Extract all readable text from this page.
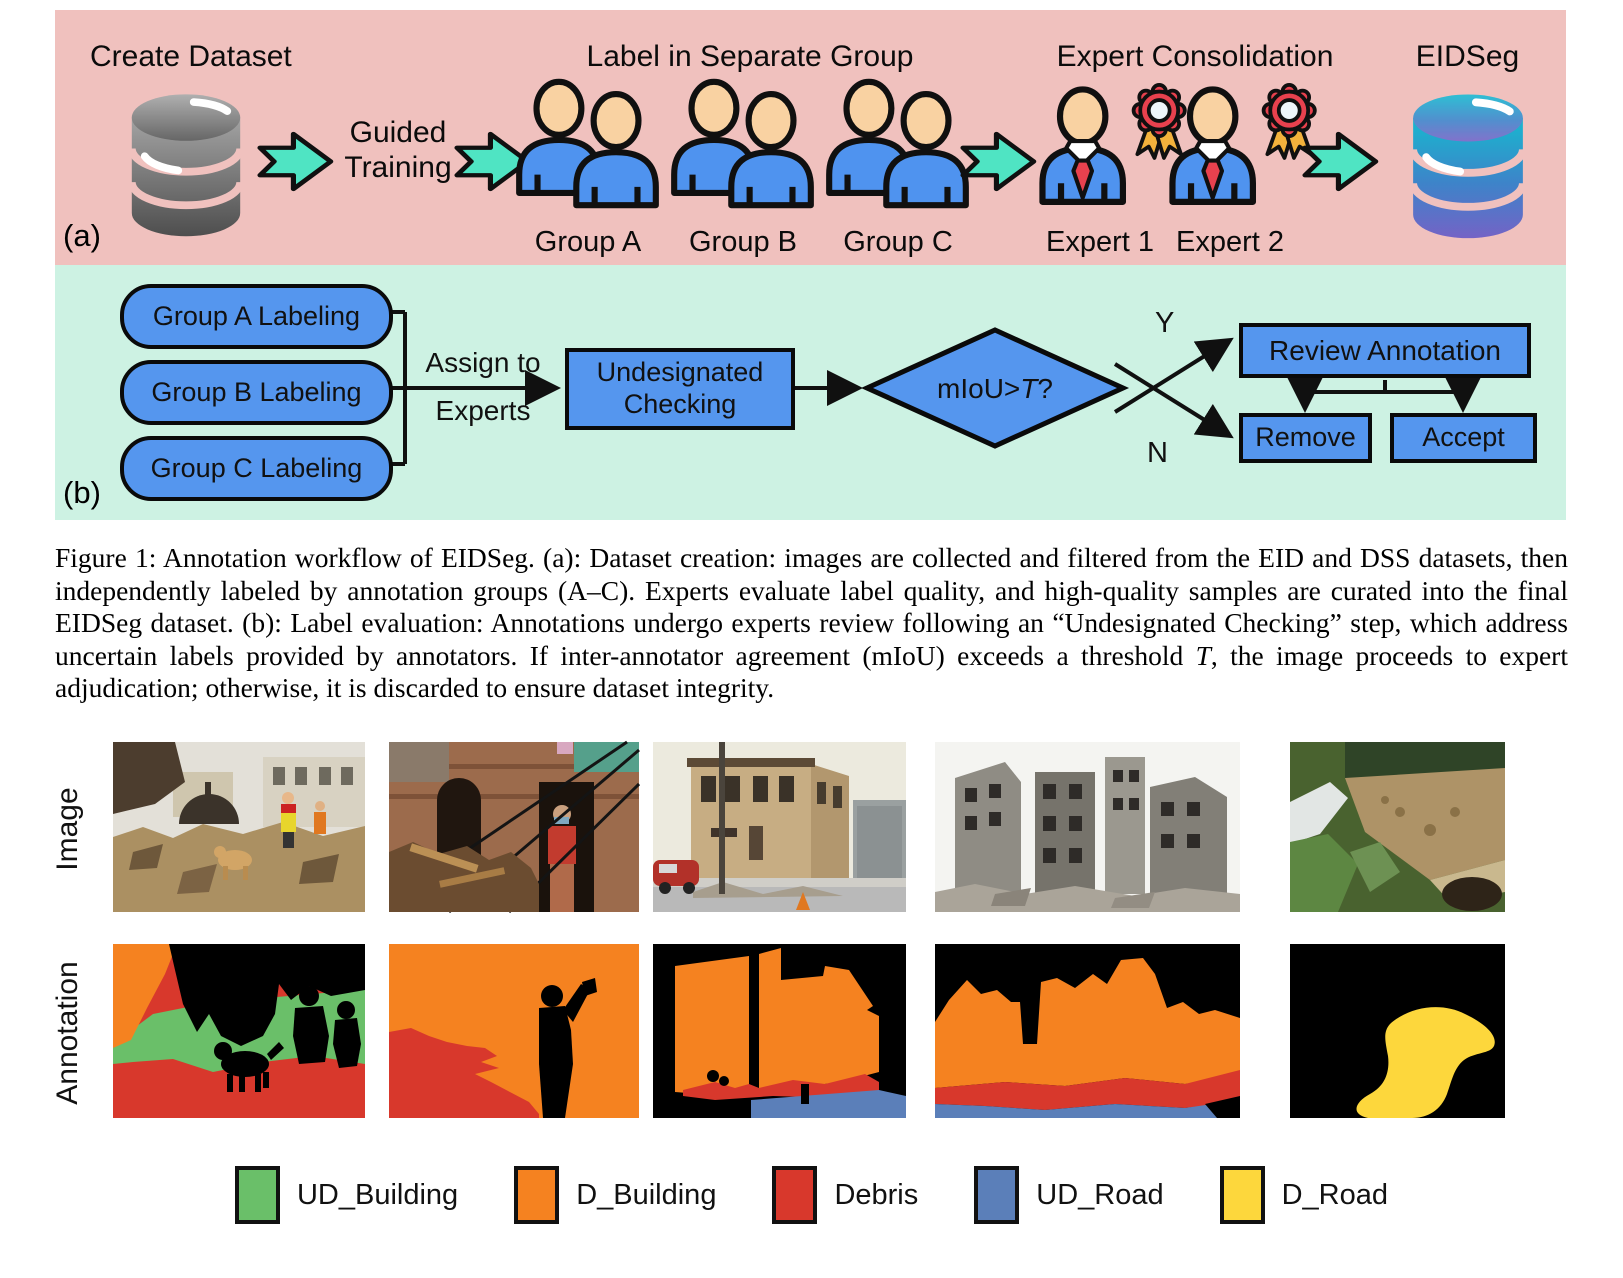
Create Dataset
Guided
Training
Label in Separate Group
Group A	Group B	Group C
Expert Consolidation
Expert 1 Expert 2
EIDSeg
(a)
Group A Labeling
Group B Labeling
Group C Labeling
Assign to
Experts
Undesignated
Checking	mIoU>T?
Y
N
Review Annotation
Remove Accept
(b)
Figure 1: Annotation workflow of EIDSeg. (a): Dataset creation: images are collected and filtered from the EID and DSS datasets, then independently labeled by annotation groups (A–C). Experts evaluate label quality, and high-quality samples are curated into the final EIDSeg dataset. (b): Label evaluation: Annotations undergo experts review following an “Undesignated Checking” step, which address uncertain labels provided by annotators. If inter-annotator agreement (mIoU) exceeds a threshold T, the image proceeds to expert adjudication; otherwise, it is discarded to ensure dataset integrity.
Image
Annotation
UD_Building	D_Building	Debris	UD_Road	D_Road
